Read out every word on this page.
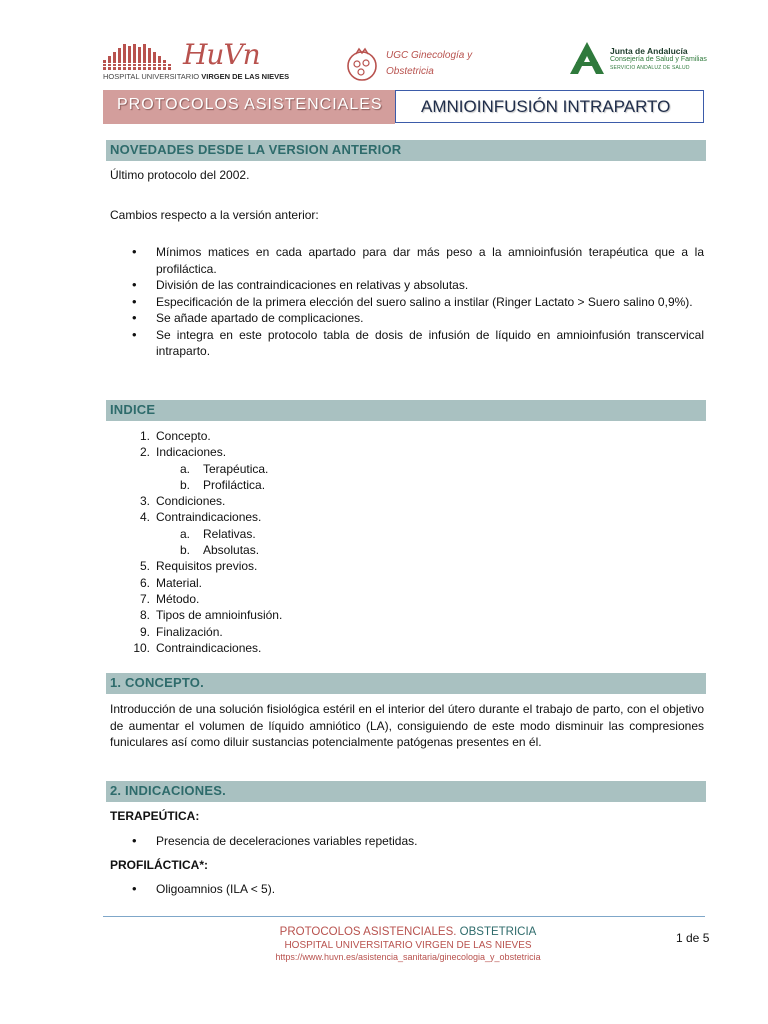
HuVn
HOSPITAL UNIVERSITARIO VIRGEN DE LAS NIEVES
UGC Ginecología y
Obstetricia
Junta de Andalucía
Consejería de Salud y Familias
SERVICIO ANDALUZ DE SALUD
PROTOCOLOS ASISTENCIALES AMNIOINFUSIÓN INTRAPARTO
NOVEDADES DESDE LA VERSION ANTERIOR
Último protocolo del 2002.
Cambios respecto a la versión anterior:
• Mínimos matices en cada apartado para dar más peso a la amnioinfusión terapéutica que a la profiláctica.
• División de las contraindicaciones en relativas y absolutas.
• Especificación de la primera elección del suero salino a instilar (Ringer Lactato > Suero salino 0,9%).
• Se añade apartado de complicaciones.
• Se integra en este protocolo tabla de dosis de infusión de líquido en amnioinfusión transcervical intraparto.
INDICE
1. Concepto.
2. Indicaciones.
a. Terapéutica.
b. Profiláctica.
3. Condiciones.
4. Contraindicaciones.
a. Relativas.
b. Absolutas.
5. Requisitos previos.
6. Material.
7. Método.
8. Tipos de amnioinfusión.
9. Finalización.
10. Contraindicaciones.
1. CONCEPTO.
Introducción de una solución fisiológica estéril en el interior del útero durante el trabajo de parto, con el objetivo de aumentar el volumen de líquido amniótico (LA), consiguiendo de este modo disminuir las compresiones funiculares así como diluir sustancias potencialmente patógenas presentes en él.
2. INDICACIONES.
TERAPEÚTICA:
• Presencia de deceleraciones variables repetidas.
PROFILÁCTICA*:
• Oligoamnios (ILA < 5).
PROTOCOLOS ASISTENCIALES. OBSTETRICIA
HOSPITAL UNIVERSITARIO VIRGEN DE LAS NIEVES
https://www.huvn.es/asistencia_sanitaria/ginecologia_y_obstetricia
1 de 5
